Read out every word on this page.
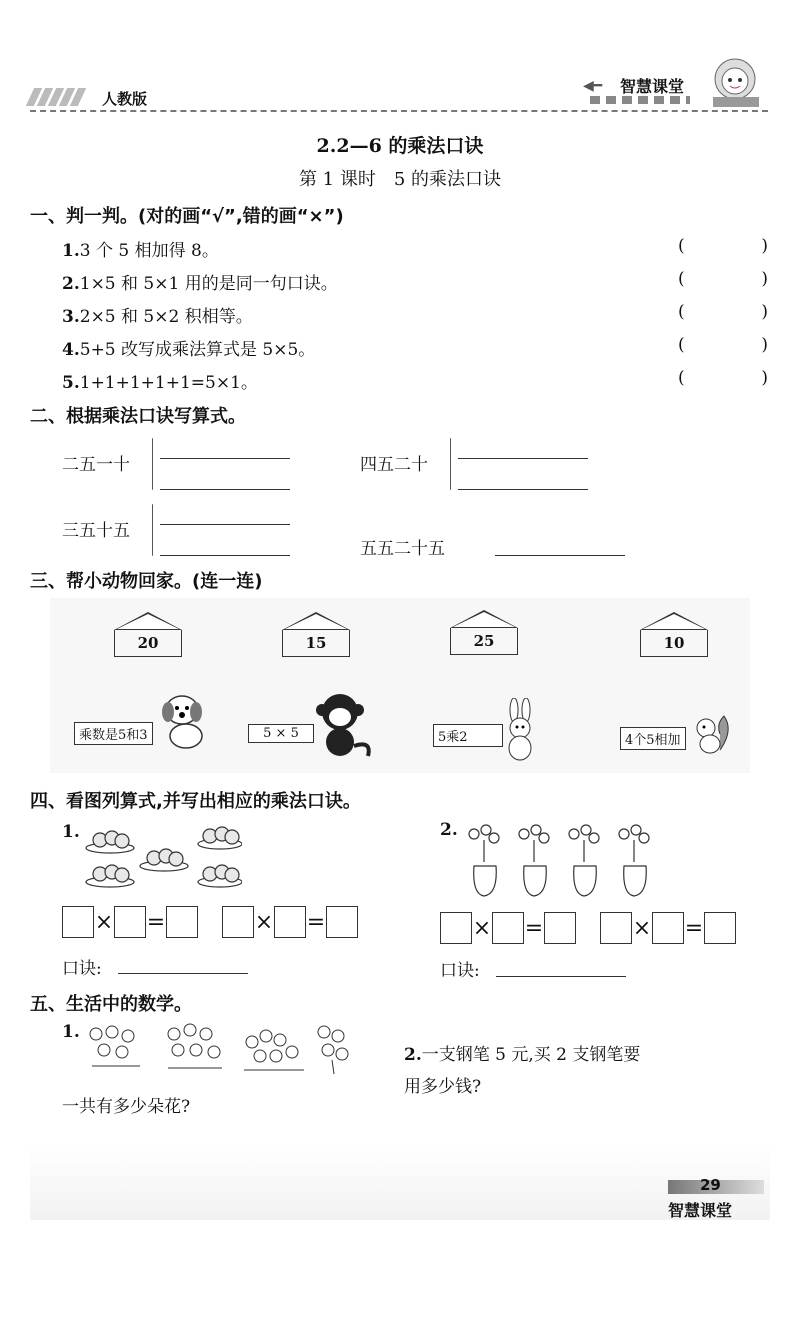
人教版
◀━ 智慧课堂
2.2—6 的乘法口诀
第 1 课时　5 的乘法口诀
一、判一判。(对的画“√”,错的画“×”)
1.3 个 5 相加得 8。	(	)
2.1×5 和 5×1 用的是同一句口诀。	(	)
3.2×5 和 5×2 积相等。	(	)
4.5+5 改写成乘法算式是 5×5。	(	)
5.1+1+1+1+1=5×1。	(	)
二、根据乘法口诀写算式。
二五一十	四五二十
三五十五
五五二十五
三、帮小动物回家。(连一连)
20	15	25	10
乘数是5和3	5 × 5	5乘2	4个5相加
四、看图列算式,并写出相应的乘法口诀。
1.
× =	× =
口诀:
2.
× =	× =
口诀:
五、生活中的数学。
1.
一共有多少朵花?
2.一支钢笔 5 元,买 2 支钢笔要
用多少钱?
29
智慧课堂
